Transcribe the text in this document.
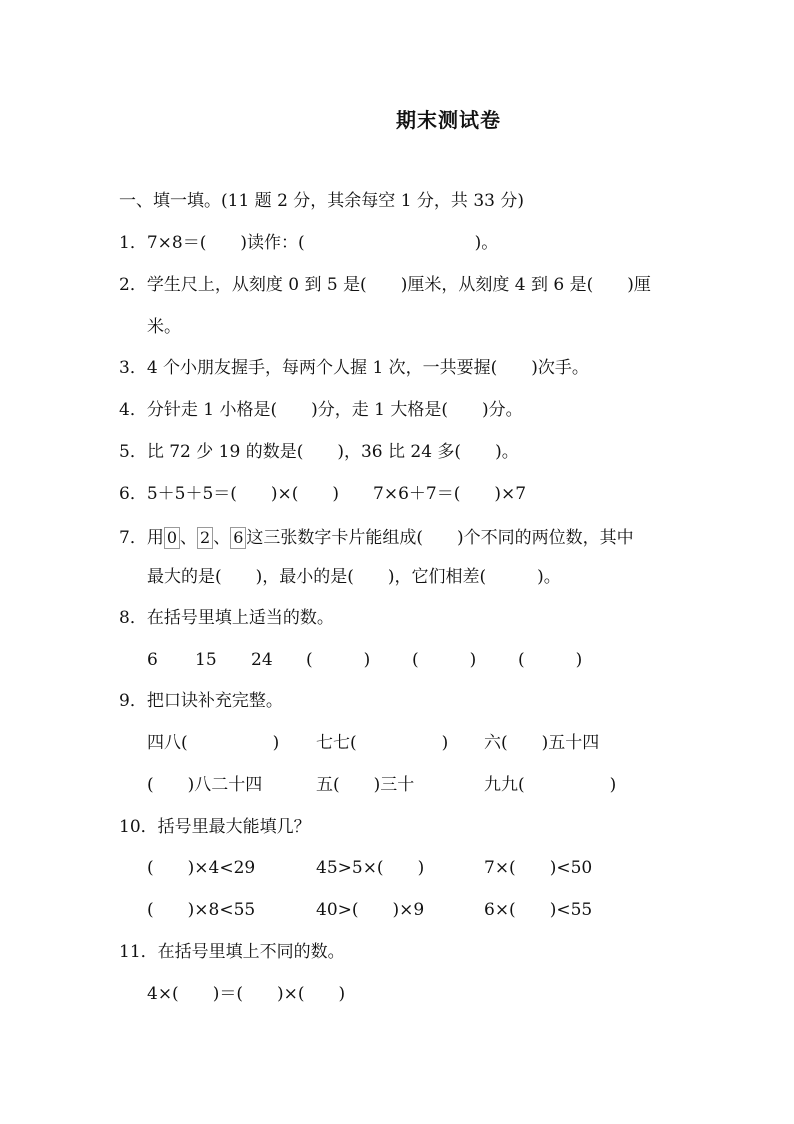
期末测试卷
一、填一填。(11 题 2 分，其余每空 1 分，共 33 分)
1．7×8＝(　　)读作：(　　　　　　　　　　)。
2．学生尺上，从刻度 0 到 5 是(　　)厘米，从刻度 4 到 6 是(　　)厘
米。
3．4 个小朋友握手，每两个人握 1 次，一共要握(　　)次手。
4．分针走 1 小格是(　　)分，走 1 大格是(　　)分。
5．比 72 少 19 的数是(　　)，36 比 24 多(　　)。
6．5＋5＋5＝(　　)×(　　)　　7×6＋7＝(　　)×7
7．用 0 、 2 、 6 这三张数字卡片能组成(　　)个不同的两位数，其中
最大的是(　　)，最小的是(　　)，它们相差(　　　)。
8．在括号里填上适当的数。
6 15 24 (　　　) (　　　) (　　　)
9．把口诀补充完整。
四八(　　　　　) 七七(　　　　　) 六(　　)五十四
(　　)八二十四	五(　　)三十	九九(　　　　　)
10．括号里最大能填几？
(　　)×4<29	45>5×(　　)	7×(　　)<50
(　　)×8<55	40>(　　)×9	6×(　　)<55
11．在括号里填上不同的数。
4×(　　)＝(　　)×(　　)
